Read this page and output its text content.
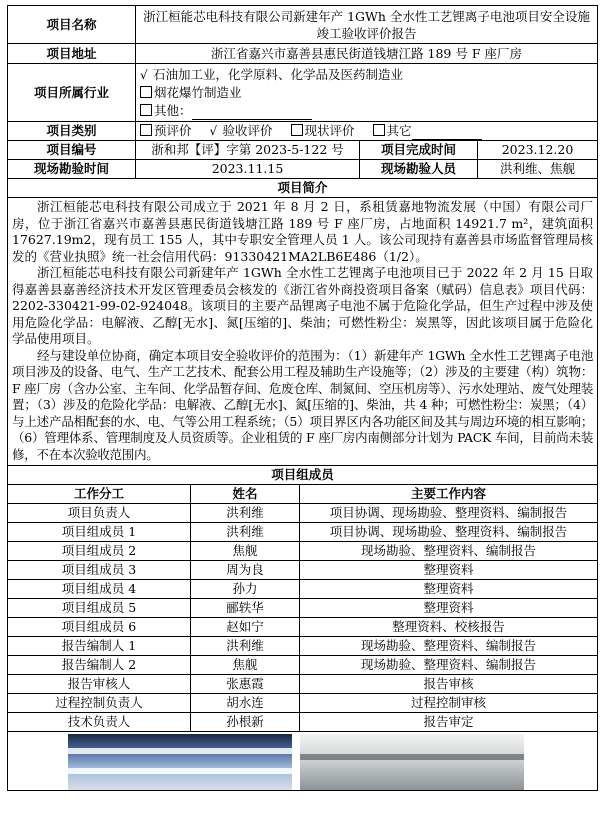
项目名称	浙江桓能芯电科技有限公司新建年产 1GWh 全水性工艺锂离子电池项目安全设施竣工验收评价报告		
项目地址	浙江省嘉兴市嘉善县惠民街道钱塘江路 189 号 F 座厂房		
项目所属行业	√ 石油加工业，化学原料、化学品及医药制造业
烟花爆竹制造业
其他：		

项目类别	预评价 √ 验收评价 现状评价 其它		
项目编号	浙和邦【评】字第 2023-5-122 号	项目完成时间	2023.12.20
现场勘验时间	2023.11.15	现场勘验人员	洪利维、焦舰
项目简介			

浙江桓能芯电科技有限公司成立于 2021 年 8 月 2 日，系租赁嘉地物流发展（中国）有限公司厂房，位于浙江省嘉兴市嘉善县惠民街道钱塘江路 189 号 F 座厂房，占地面积 14921.7 m²，建筑面积 17627.19m2，现有员工 155 人，其中专职安全管理人员 1 人。该公司现持有嘉善县市场监督管理局核发的《营业执照》统一社会信用代码：91330421MA2LB6E486（1/2）。

浙江桓能芯电科技有限公司新建年产 1GWh 全水性工艺锂离子电池项目已于 2022 年 2 月 15 日取得嘉善县嘉善经济技术开发区管理委员会核发的《浙江省外商投资项目备案（赋码）信息表》项目代码：2202-330421-99-02-924048。该项目的主要产品锂离子电池不属于危险化学品，但生产过程中涉及使用危险化学品：电解液、乙醇[无水]、氮[压缩的]、柴油；可燃性粉尘：炭黑等，因此该项目属于危险化学品使用项目。

经与建设单位协商，确定本项目安全验收评价的范围为：（1）新建年产 1GWh 全水性工艺锂离子电池项目涉及的设备、电气、生产工艺技术、配套公用工程及辅助生产设施等；（2）涉及的主要建（构）筑物：F 座厂房（含办公室、主车间、化学品暂存间、危废仓库、制氮间、空压机房等）、污水处理站、废气处理装置；（3）涉及的危险化学品：电解液、乙醇[无水]、氮[压缩的]、柴油，共 4 种；可燃性粉尘：炭黑；（4）与上述产品相配套的水、电、气等公用工程系统；（5）项目界区内各功能区间及其与周边环境的相互影响；（6）管理体系、管理制度及人员资质等。企业租赁的 F 座厂房内南侧部分计划为 PACK 车间，目前尚未装修，不在本次验收范围内。			

项目组成员		
工作分工	姓名	主要工作内容
项目负责人	洪利维	项目协调、现场勘验、整理资料、编制报告
项目组成员 1	洪利维	项目协调、现场勘验、整理资料、编制报告
项目组成员 2	焦舰	现场勘验、整理资料、编制报告
项目组成员 3	周为良	整理资料
项目组成员 4	孙力	整理资料
项目组成员 5	郦轶华	整理资料
项目组成员 6	赵如宁	整理资料、校核报告
报告编制人 1	洪利维	现场勘验、整理资料、编制报告
报告编制人 2	焦舰	现场勘验、整理资料、编制报告
报告审核人	张惠霞	报告审核
过程控制负责人	胡水连	过程控制审核
技术负责人	孙根新	报告审定
